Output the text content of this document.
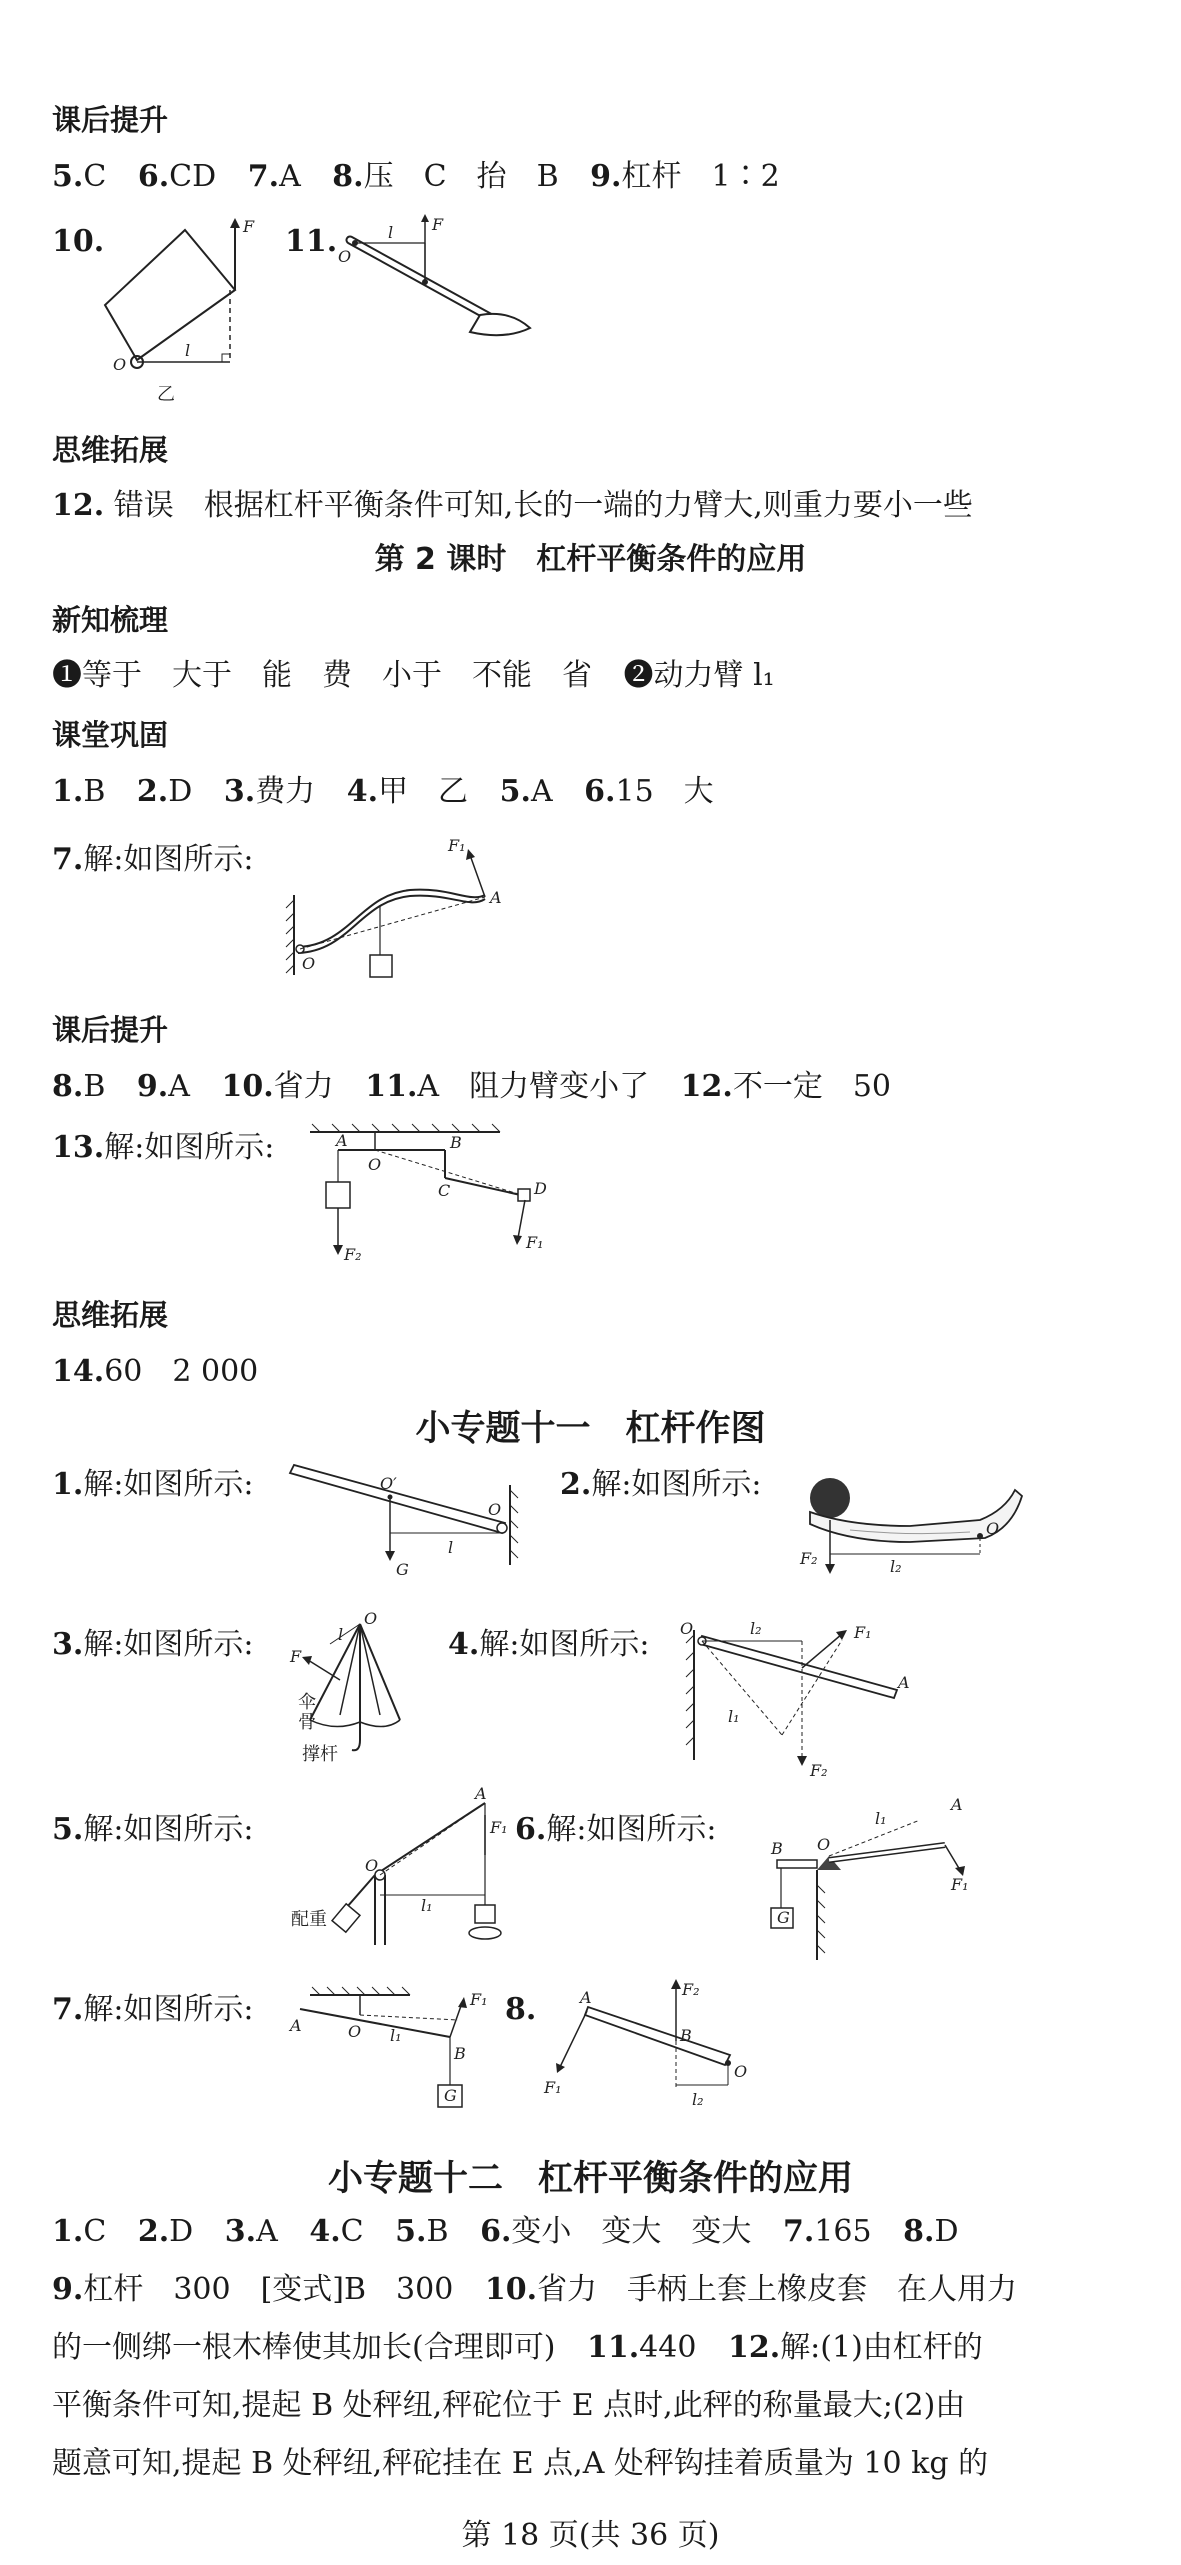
课后提升
5.C 6.CD 7.A 8.压　C　抬　B 9.杠杆　1∶2
10.	F
O
l
乙
11.	l F
O
思维拓展
12. 错误　根据杠杆平衡条件可知,长的一端的力臂大,则重力要小一些
第 2 课时　杠杆平衡条件的应用
新知梳理
❶等于　大于　能　费　小于　不能　省 ❷动力臂 l₁
课堂巩固
1.B 2.D 3.费力 4.甲　乙 5.A 6.15　大
7.解:如图所示:	F₁
A
O
课后提升
8.B 9.A 10.省力 11.A　阻力臂变小了 12.不一定　50
13.解:如图所示:	A
O
B
C	D
F₂
F₁
思维拓展
14.60　2 000
小专题十一　杠杆作图
1.解:如图所示:	O′
O
l
G
2.解:如图所示:
F₂	l₂
O
3.解:如图所示:
O
F
l
伞
骨
撑杆
4.解:如图所示: O	l₂	F₁
A
l₁
F₂
5.解:如图所示:
A
F₁
O
l₁
配重
6.解:如图所示:
B O
l₁
A
F₁
G
7.解:如图所示: A	O l₁
F₁
B
G
8.	A	F₂
B
F₁
l₂
O
小专题十二　杠杆平衡条件的应用
1.C 2.D 3.A 4.C 5.B 6.变小　变大　变大 7.165 8.D
9.杠杆　300　[变式]B　300 10.省力　手柄上套上橡皮套　在人用力
的一侧绑一根木棒使其加长(合理即可) 11.440 12.解:(1)由杠杆的
平衡条件可知,提起 B 处秤纽,秤砣位于 E 点时,此秤的称量最大;(2)由
题意可知,提起 B 处秤纽,秤砣挂在 E 点,A 处秤钩挂着质量为 10 kg 的
第 18 页(共 36 页)
